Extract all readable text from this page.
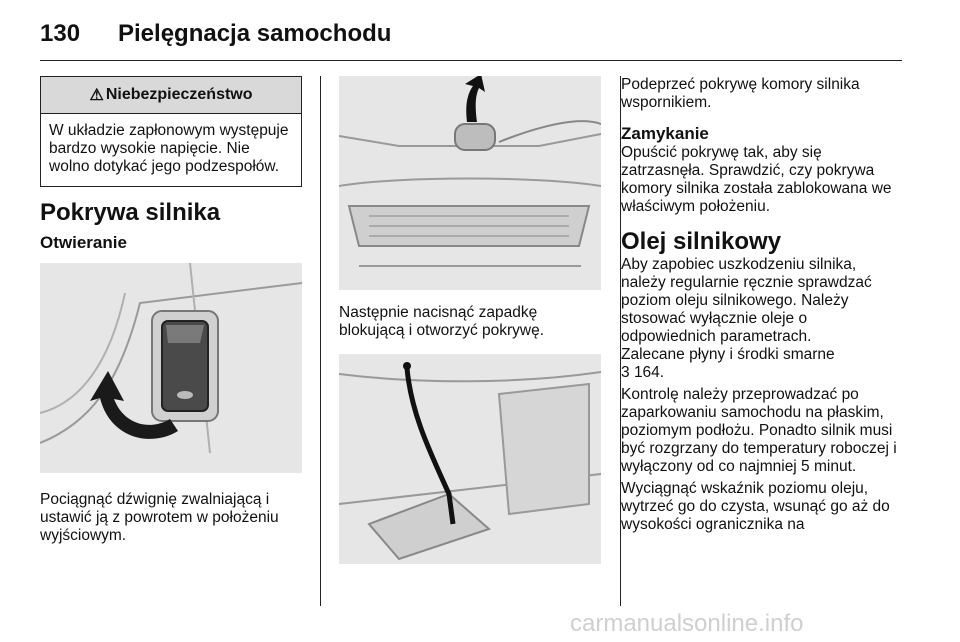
130	Pielęgnacja samochodu
⚠ Niebezpieczeństwo

W układzie zapłonowym występuje bardzo wysokie napięcie. Nie wolno dotykać jego podzespołów.

Pokrywa silnika
Otwieranie

Pociągnąć dźwignię zwalniającą i ustawić ją z powrotem w położeniu wyjściowym.

Następnie nacisnąć zapadkę blokującą i otworzyć pokrywę.

Podeprzeć pokrywę komory silnika wspornikiem.

Zamykanie

Opuścić pokrywę tak, aby się zatrzasnęła. Sprawdzić, czy pokrywa komory silnika została zablokowana we właściwym położeniu.

Olej silnikowy

Aby zapobiec uszkodzeniu silnika, należy regularnie ręcznie sprawdzać poziom oleju silnikowego. Należy stosować wyłącznie oleje o odpowiednich parametrach.

Zalecane płyny i środki smarne

3 164.

Kontrolę należy przeprowadzać po zaparkowaniu samochodu na płaskim, poziomym podłożu. Ponadto silnik musi być rozgrzany do temperatury roboczej i wyłączony od co najmniej 5 minut.

Wyciągnąć wskaźnik poziomu oleju, wytrzeć go do czysta, wsunąć go aż do wysokości ogranicznika na

carmanualsonline.info
